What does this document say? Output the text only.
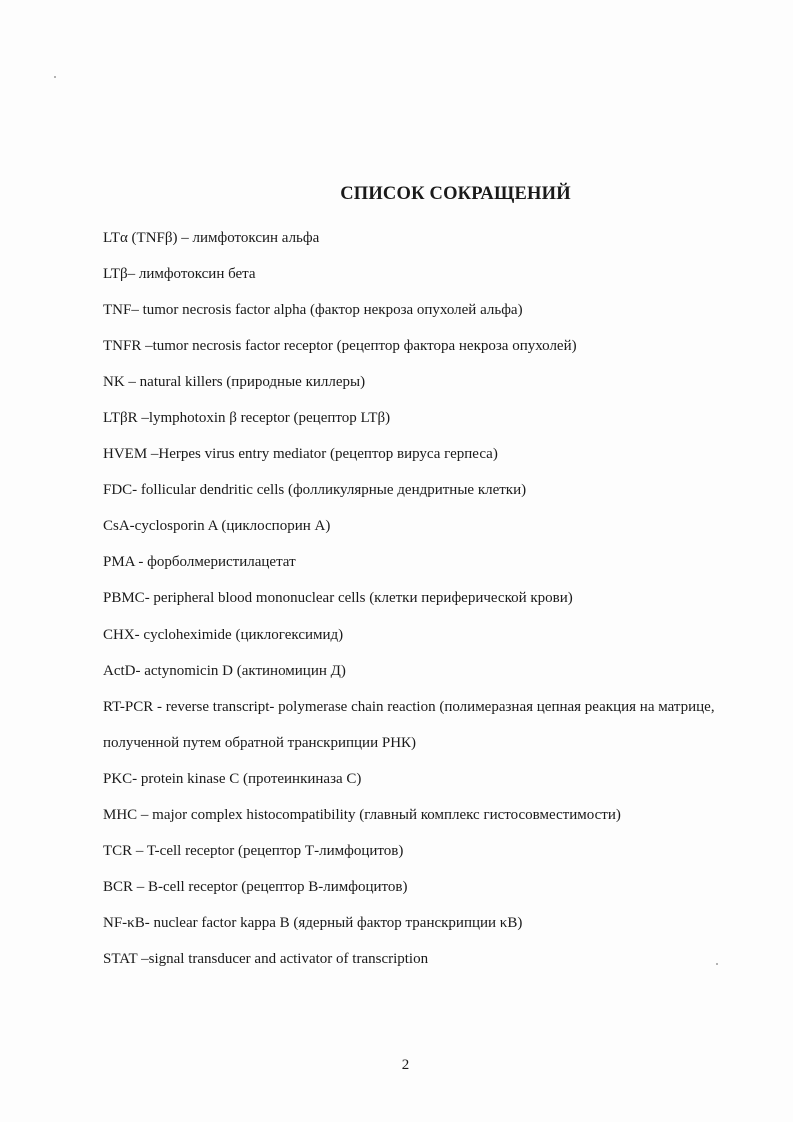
СПИСОК СОКРАЩЕНИЙ
LTα (TNFβ) – лимфотоксин альфа
LTβ– лимфотоксин бета
TNF– tumor necrosis factor alpha (фактор некроза опухолей альфа)
TNFR –tumor necrosis factor receptor (рецептор фактора некроза опухолей)
NK – natural killers (природные киллеры)
LTβR –lymphotoxin β receptor (рецептор LTβ)
HVEM –Herpes virus entry mediator (рецептор вируса герпеса)
FDC- follicular dendritic cells (фолликулярные дендритные клетки)
CsA-cyclosporin A (циклоспорин А)
PMA - форболмеристилацетат
PBMC- peripheral blood mononuclear cells (клетки периферической крови)
CHX- cycloheximide (циклогексимид)
ActD- actynomicin D (актиномицин Д)
RT-PCR - reverse transcript- polymerase chain reaction (полимеразная цепная реакция на матрице,
полученной путем обратной транскрипции РНК)
PKC- protein kinase C (протеинкиназа С)
MHC – major complex histocompatibility (главный комплекс гистосовместимости)
TCR – T-cell receptor (рецептор Т-лимфоцитов)
BCR – B-cell receptor (рецептор В-лимфоцитов)
NF-κB- nuclear factor kappa B (ядерный фактор транскрипции κВ)
STAT –signal transducer and activator of transcription
2
